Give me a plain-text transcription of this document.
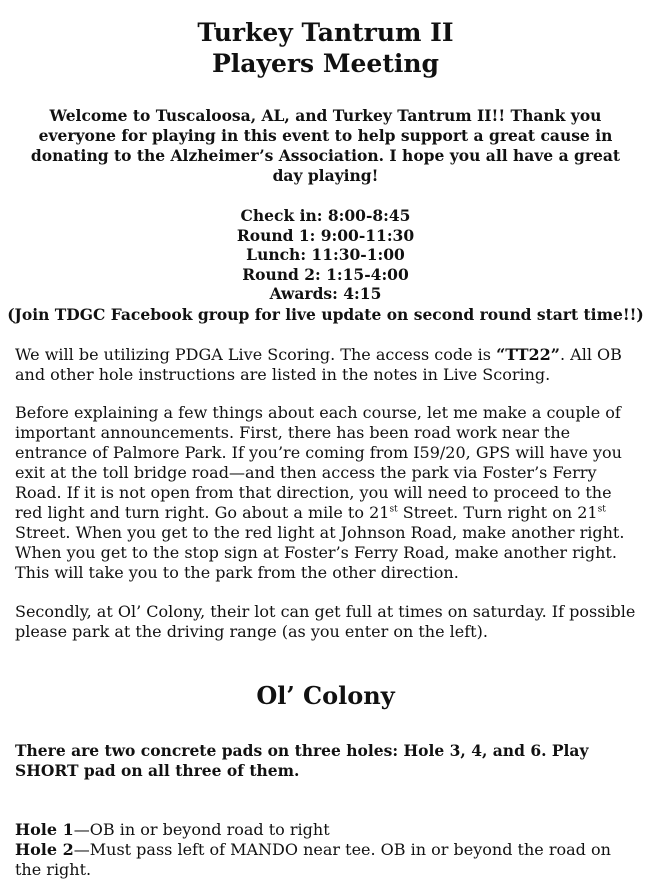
Turkey Tantrum II
Players Meeting
Welcome to Tuscaloosa, AL, and Turkey Tantrum II!! Thank you everyone for playing in this event to help support a great cause in donating to the Alzheimer’s Association. I hope you all have a great day playing!
Check in: 8:00-8:45
Round 1: 9:00-11:30
Lunch: 11:30-1:00
Round 2: 1:15-4:00
Awards: 4:15
(Join TDGC Facebook group for live update on second round start time!!)
We will be utilizing PDGA Live Scoring. The access code is “TT22”. All OB and other hole instructions are listed in the notes in Live Scoring.
Before explaining a few things about each course, let me make a couple of important announcements. First, there has been road work near the entrance of Palmore Park. If you’re coming from I59/20, GPS will have you exit at the toll bridge road—and then access the park via Foster’s Ferry Road. If it is not open from that direction, you will need to proceed to the red light and turn right. Go about a mile to 21st Street. Turn right on 21st Street. When you get to the red light at Johnson Road, make another right. When you get to the stop sign at Foster’s Ferry Road, make another right. This will take you to the park from the other direction.
Secondly, at Ol’ Colony, their lot can get full at times on saturday. If possible please park at the driving range (as you enter on the left).
Ol’ Colony
There are two concrete pads on three holes: Hole 3, 4, and 6. Play SHORT pad on all three of them.
Hole 1—OB in or beyond road to right
Hole 2—Must pass left of MANDO near tee. OB in or beyond the road on the right.
